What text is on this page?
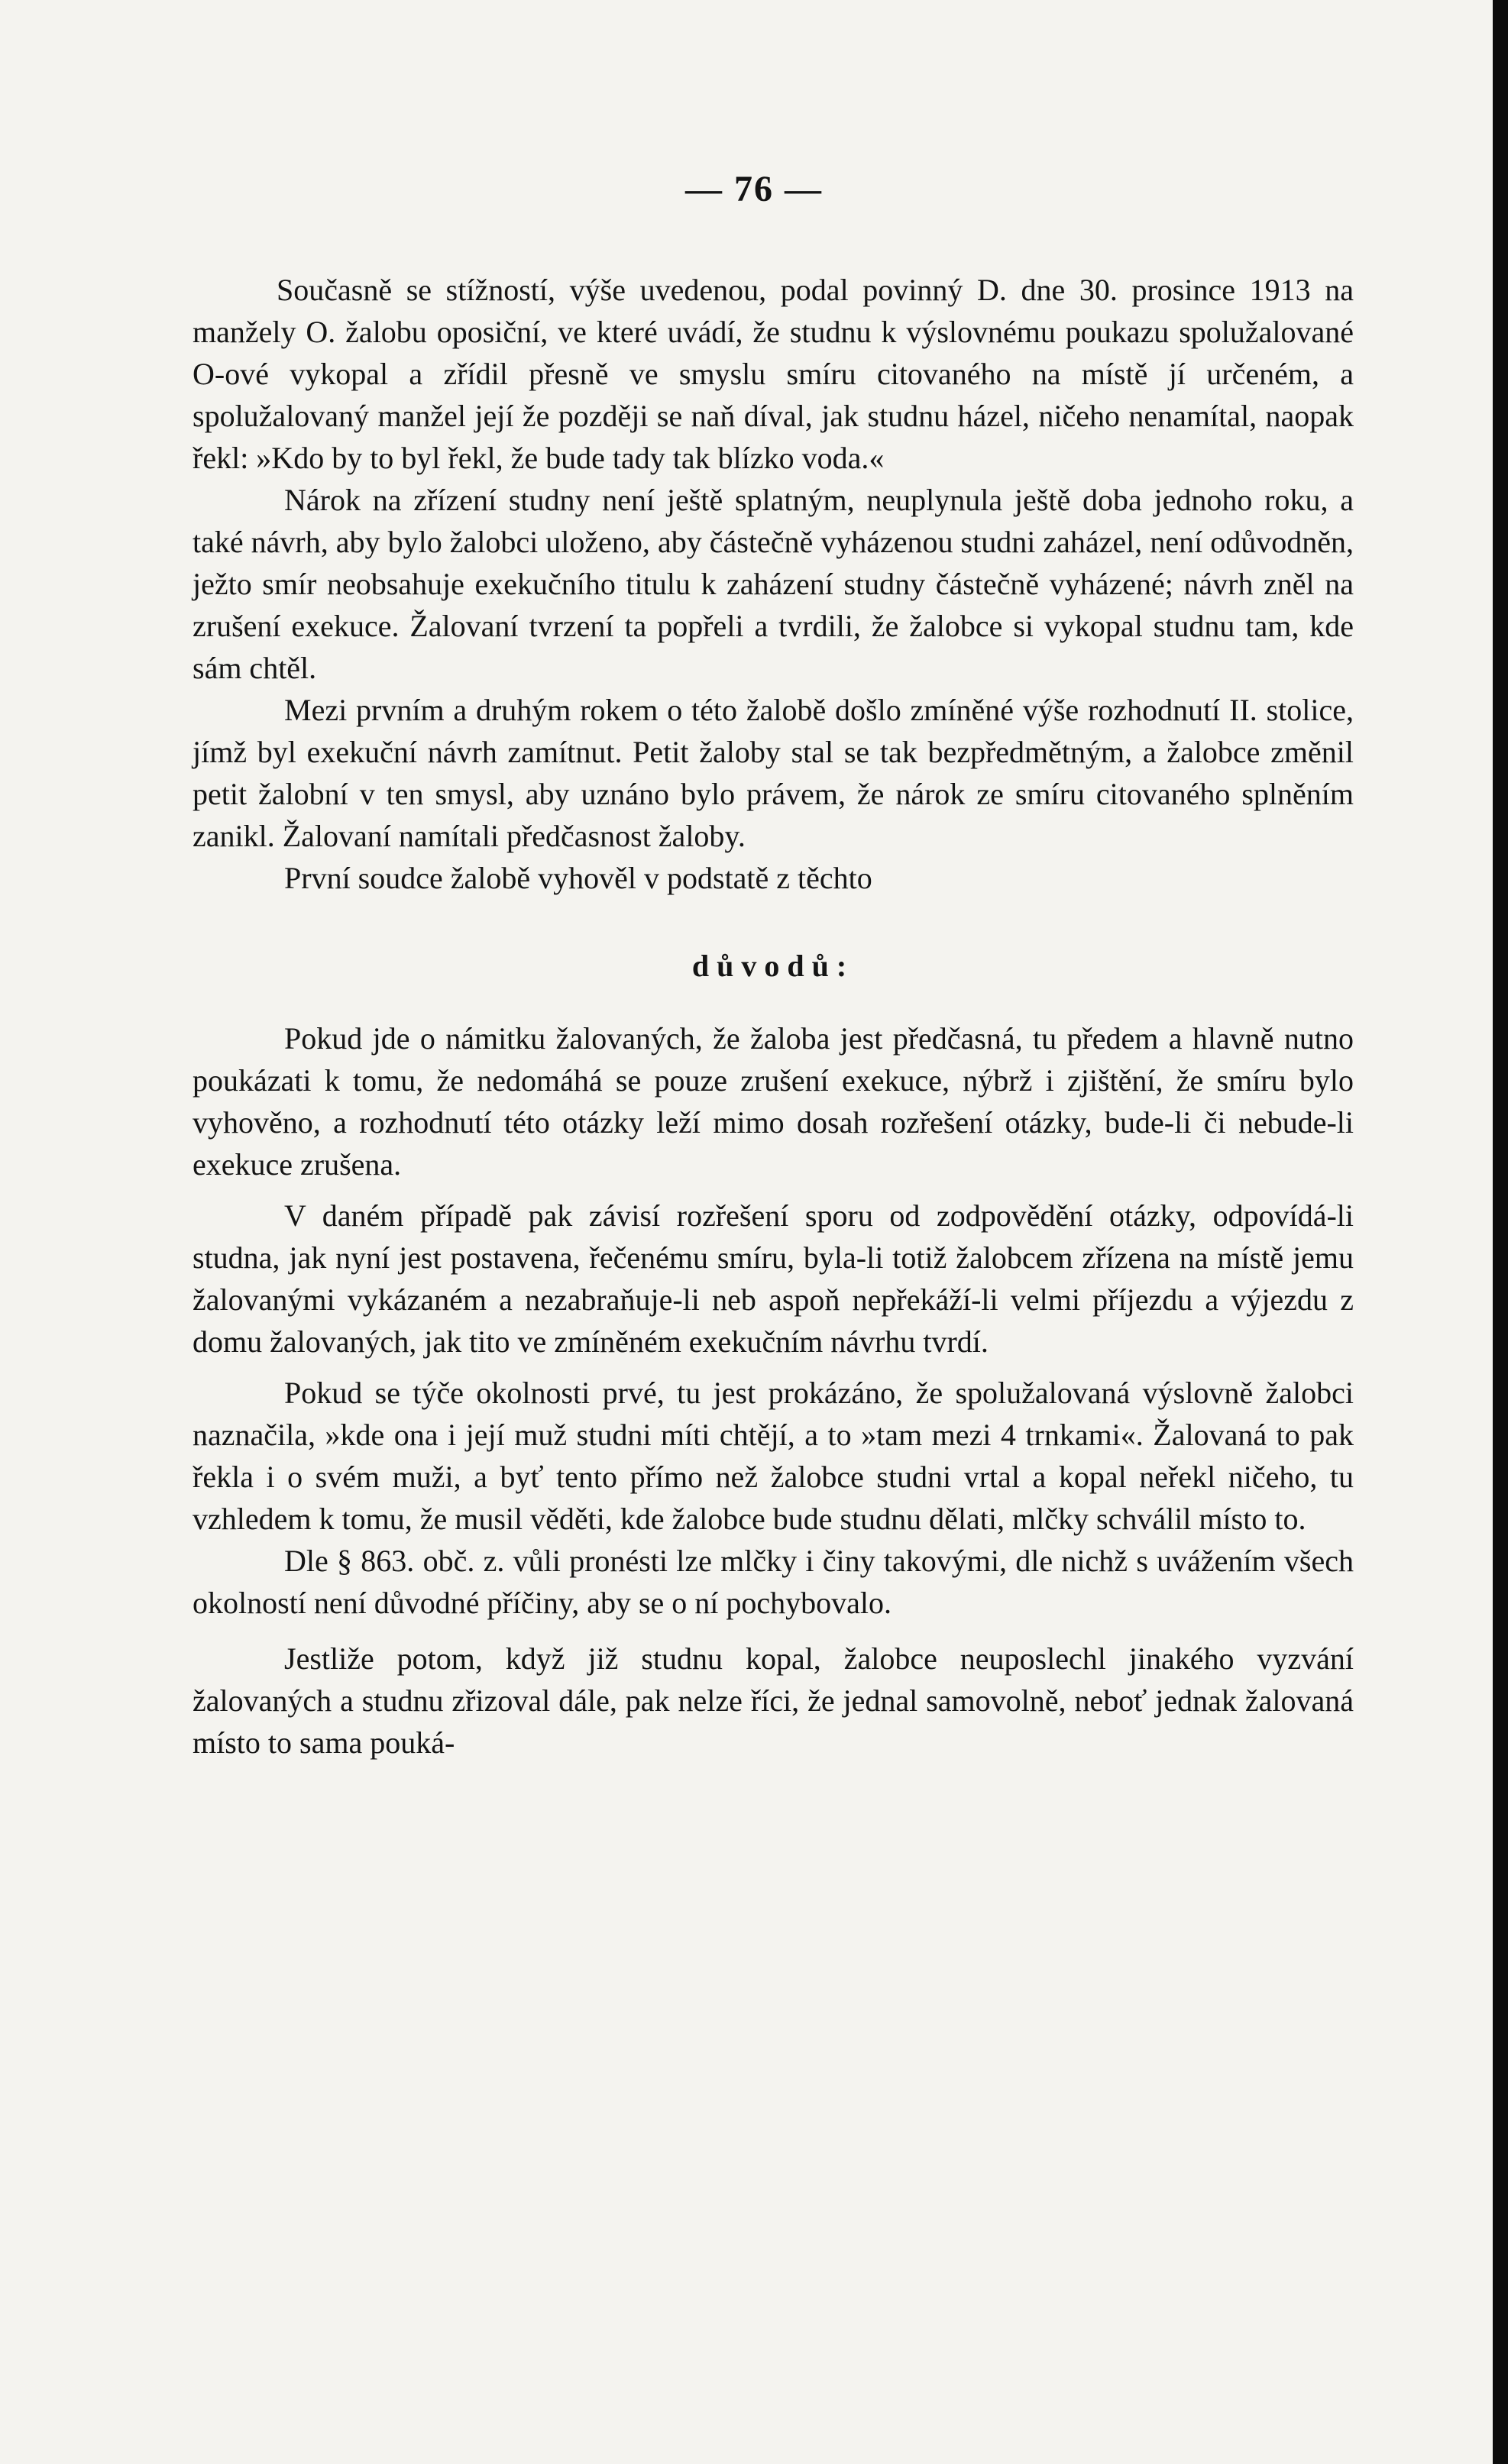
— 76 —

Současně se stížností, výše uvedenou, podal povinný D. dne 30. prosince 1913 na manžely O. žalobu oposiční, ve které uvádí, že studnu k výslovnému poukazu spolužalované O-ové vykopal a zřídil přesně ve smyslu smíru citovaného na místě jí určeném, a spolužalovaný manžel její že později se naň díval, jak studnu házel, ničeho nenamítal, naopak řekl: »Kdo by to byl řekl, že bude tady tak blízko voda.«

Nárok na zřízení studny není ještě splatným, neuplynula ještě doba jednoho roku, a také návrh, aby bylo žalobci uloženo, aby částečně vyházenou studni zaházel, není odůvodněn, ježto smír neobsahuje exekučního titulu k zaházení studny částečně vyházené; návrh zněl na zrušení exekuce. Žalovaní tvrzení ta popřeli a tvrdili, že žalobce si vykopal studnu tam, kde sám chtěl.

Mezi prvním a druhým rokem o této žalobě došlo zmíněné výše rozhodnutí II. stolice, jímž byl exekuční návrh zamítnut. Petit žaloby stal se tak bezpředmětným, a žalobce změnil petit žalobní v ten smysl, aby uznáno bylo právem, že nárok ze smíru citovaného splněním zanikl. Žalovaní namítali předčasnost žaloby.

První soudce žalobě vyhověl v podstatě z těchto

důvodů:

Pokud jde o námitku žalovaných, že žaloba jest předčasná, tu předem a hlavně nutno poukázati k tomu, že nedomáhá se pouze zrušení exekuce, nýbrž i zjištění, že smíru bylo vyhověno, a rozhodnutí této otázky leží mimo dosah rozřešení otázky, bude-li či nebude-li exekuce zrušena.

V daném případě pak závisí rozřešení sporu od zodpovědění otázky, odpovídá-li studna, jak nyní jest postavena, řečenému smíru, byla-li totiž žalobcem zřízena na místě jemu žalovanými vykázaném a nezabraňuje-li neb aspoň nepřekáží-li velmi příjezdu a výjezdu z domu žalovaných, jak tito ve zmíněném exekučním návrhu tvrdí.

Pokud se týče okolnosti prvé, tu jest prokázáno, že spolužalovaná výslovně žalobci naznačila, »kde ona i její muž studni míti chtějí, a to »tam mezi 4 trnkami«. Žalovaná to pak řekla i o svém muži, a byť tento přímo než žalobce studni vrtal a kopal neřekl ničeho, tu vzhledem k tomu, že musil věděti, kde žalobce bude studnu dělati, mlčky schválil místo to.

Dle § 863. obč. z. vůli pronésti lze mlčky i činy takovými, dle nichž s uvážením všech okolností není důvodné příčiny, aby se o ní pochybovalo.

Jestliže potom, když již studnu kopal, žalobce neuposlechl jinakého vyzvání žalovaných a studnu zřizoval dále, pak nelze říci, že jednal samovolně, neboť jednak žalovaná místo to sama pouká-
